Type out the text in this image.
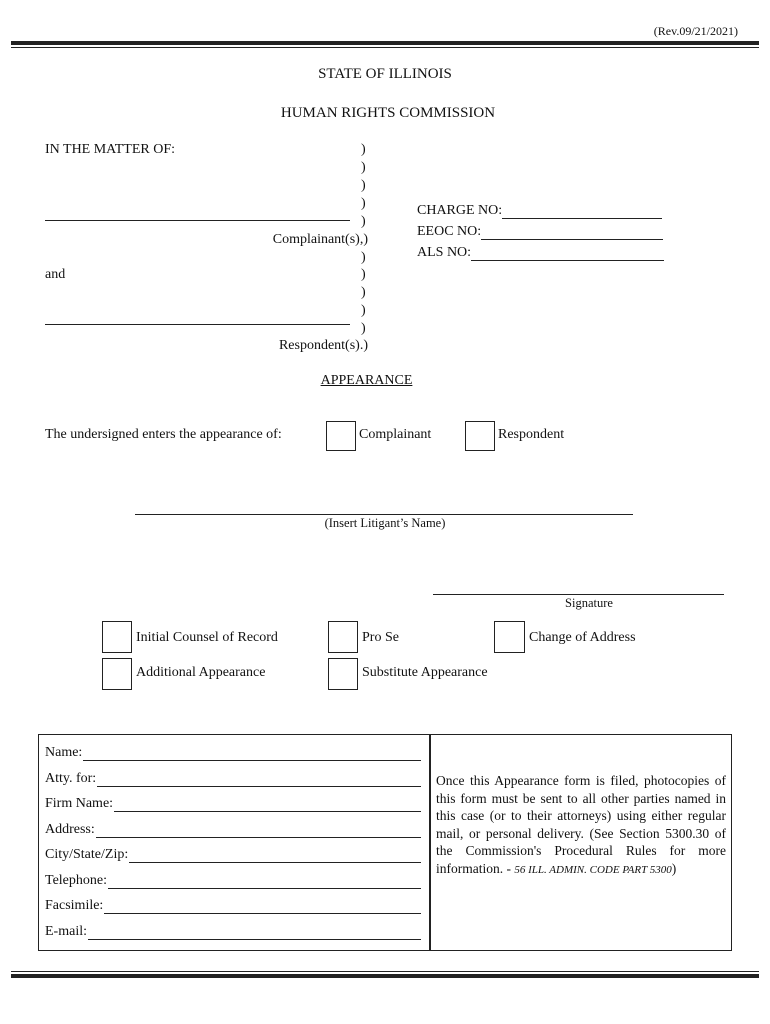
(Rev.09/21/2021)
STATE OF ILLINOIS
HUMAN RIGHTS COMMISSION
IN THE MATTER OF:	)
)
)
)
)
)
)
)
)
)
Complainant(s),)
and
Respondent(s).)
CHARGE NO:
EEOC NO:
ALS NO:
APPEARANCE
The undersigned enters the appearance of:	Complainant	Respondent
(Insert Litigant’s Name)
Signature
Initial Counsel of Record	Pro Se	Change of Address
Additional Appearance	Substitute Appearance
Name:
Atty. for:
Firm Name:
Address:
City/State/Zip:
Telephone:
Facsimile:
E-mail:
Once this Appearance form is filed, photocopies of this form must be sent to all other parties named in this case (or to their attorneys) using either regular mail, or personal delivery. (See Section 5300.30 of the Commission's Procedural Rules for more information. - 56 ILL. ADMIN. CODE PART 5300)
